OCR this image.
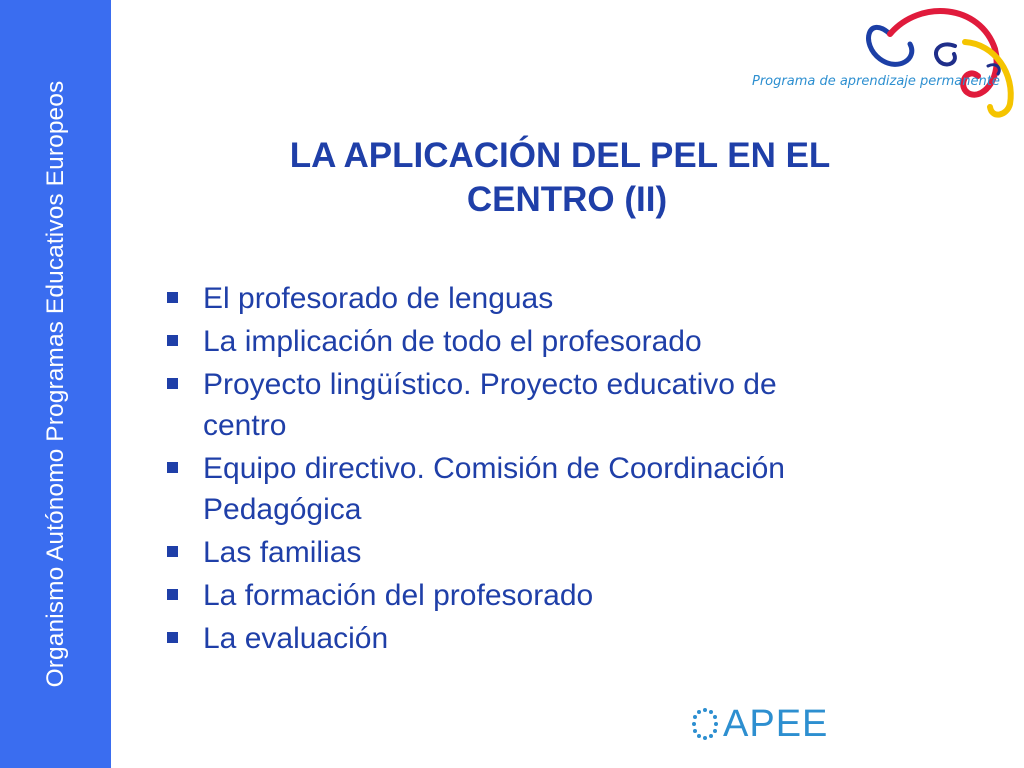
Organismo Autónomo Programas Educativos Europeos	Programa de aprendizaje permanente
LA APLICACIÓN DEL PEL EN EL
CENTRO (II)
El profesorado de lenguas
La implicación de todo el profesorado
Proyecto lingüístico. Proyecto educativo de
centro
Equipo directivo. Comisión de Coordinación
Pedagógica
Las familias
La formación del profesorado
La evaluación
APEE
